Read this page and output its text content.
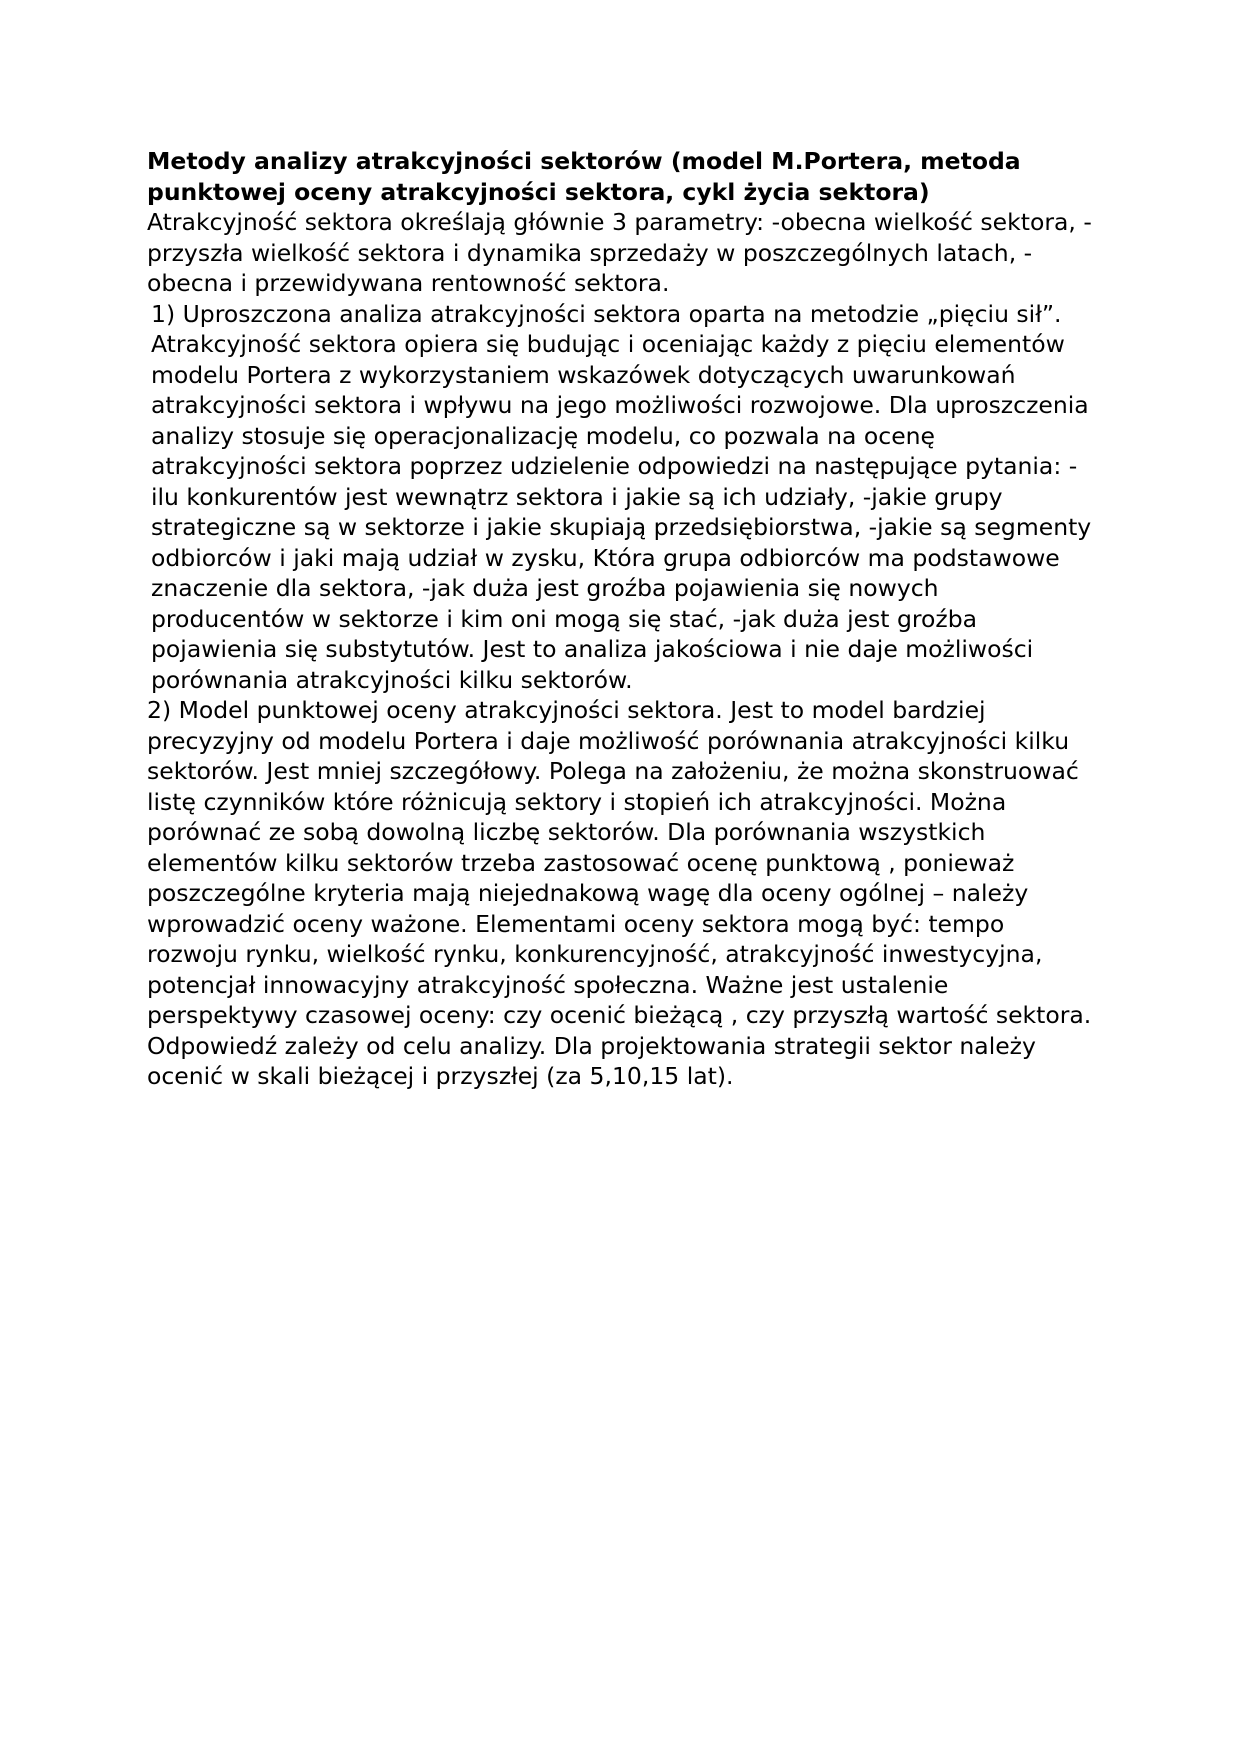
Metody analizy atrakcyjności sektorów (model M.Portera, metoda punktowej oceny atrakcyjności sektora, cykl życia sektora)

Atrakcyjność sektora określają głównie 3 parametry: -obecna wielkość sektora, -przyszła wielkość sektora i dynamika sprzedaży w poszczególnych latach, -obecna i przewidywana rentowność sektora.

1) Uproszczona analiza atrakcyjności sektora oparta na metodzie „pięciu sił”. Atrakcyjność sektora opiera się budując i oceniając każdy z pięciu elementów modelu Portera z wykorzystaniem wskazówek dotyczących uwarunkowań atrakcyjności sektora i wpływu na jego możliwości rozwojowe. Dla uproszczenia analizy stosuje się operacjonalizację modelu, co pozwala na ocenę atrakcyjności sektora poprzez udzielenie odpowiedzi na następujące pytania: -ilu konkurentów jest wewnątrz sektora i jakie są ich udziały, -jakie grupy strategiczne są w sektorze i jakie skupiają przedsiębiorstwa, -jakie są segmenty odbiorców i jaki mają udział w zysku, Która grupa odbiorców ma podstawowe znaczenie dla sektora, -jak duża jest groźba pojawienia się nowych producentów w sektorze i kim oni mogą się stać, -jak duża jest groźba pojawienia się substytutów. Jest to analiza jakościowa i nie daje możliwości porównania atrakcyjności kilku sektorów.

2) Model punktowej oceny atrakcyjności sektora. Jest to model bardziej precyzyjny od modelu Portera i daje możliwość porównania atrakcyjności kilku sektorów. Jest mniej szczegółowy. Polega na założeniu, że można skonstruować listę czynników które różnicują sektory i stopień ich atrakcyjności. Można porównać ze sobą dowolną liczbę sektorów. Dla porównania wszystkich elementów kilku sektorów trzeba zastosować ocenę punktową , ponieważ poszczególne kryteria mają niejednakową wagę dla oceny ogólnej – należy wprowadzić oceny ważone. Elementami oceny sektora mogą być: tempo rozwoju rynku, wielkość rynku, konkurencyjność, atrakcyjność inwestycyjna, potencjał innowacyjny atrakcyjność społeczna. Ważne jest ustalenie perspektywy czasowej oceny: czy ocenić bieżącą , czy przyszłą wartość sektora. Odpowiedź zależy od celu analizy. Dla projektowania strategii sektor należy ocenić w skali bieżącej i przyszłej (za 5,10,15 lat).
